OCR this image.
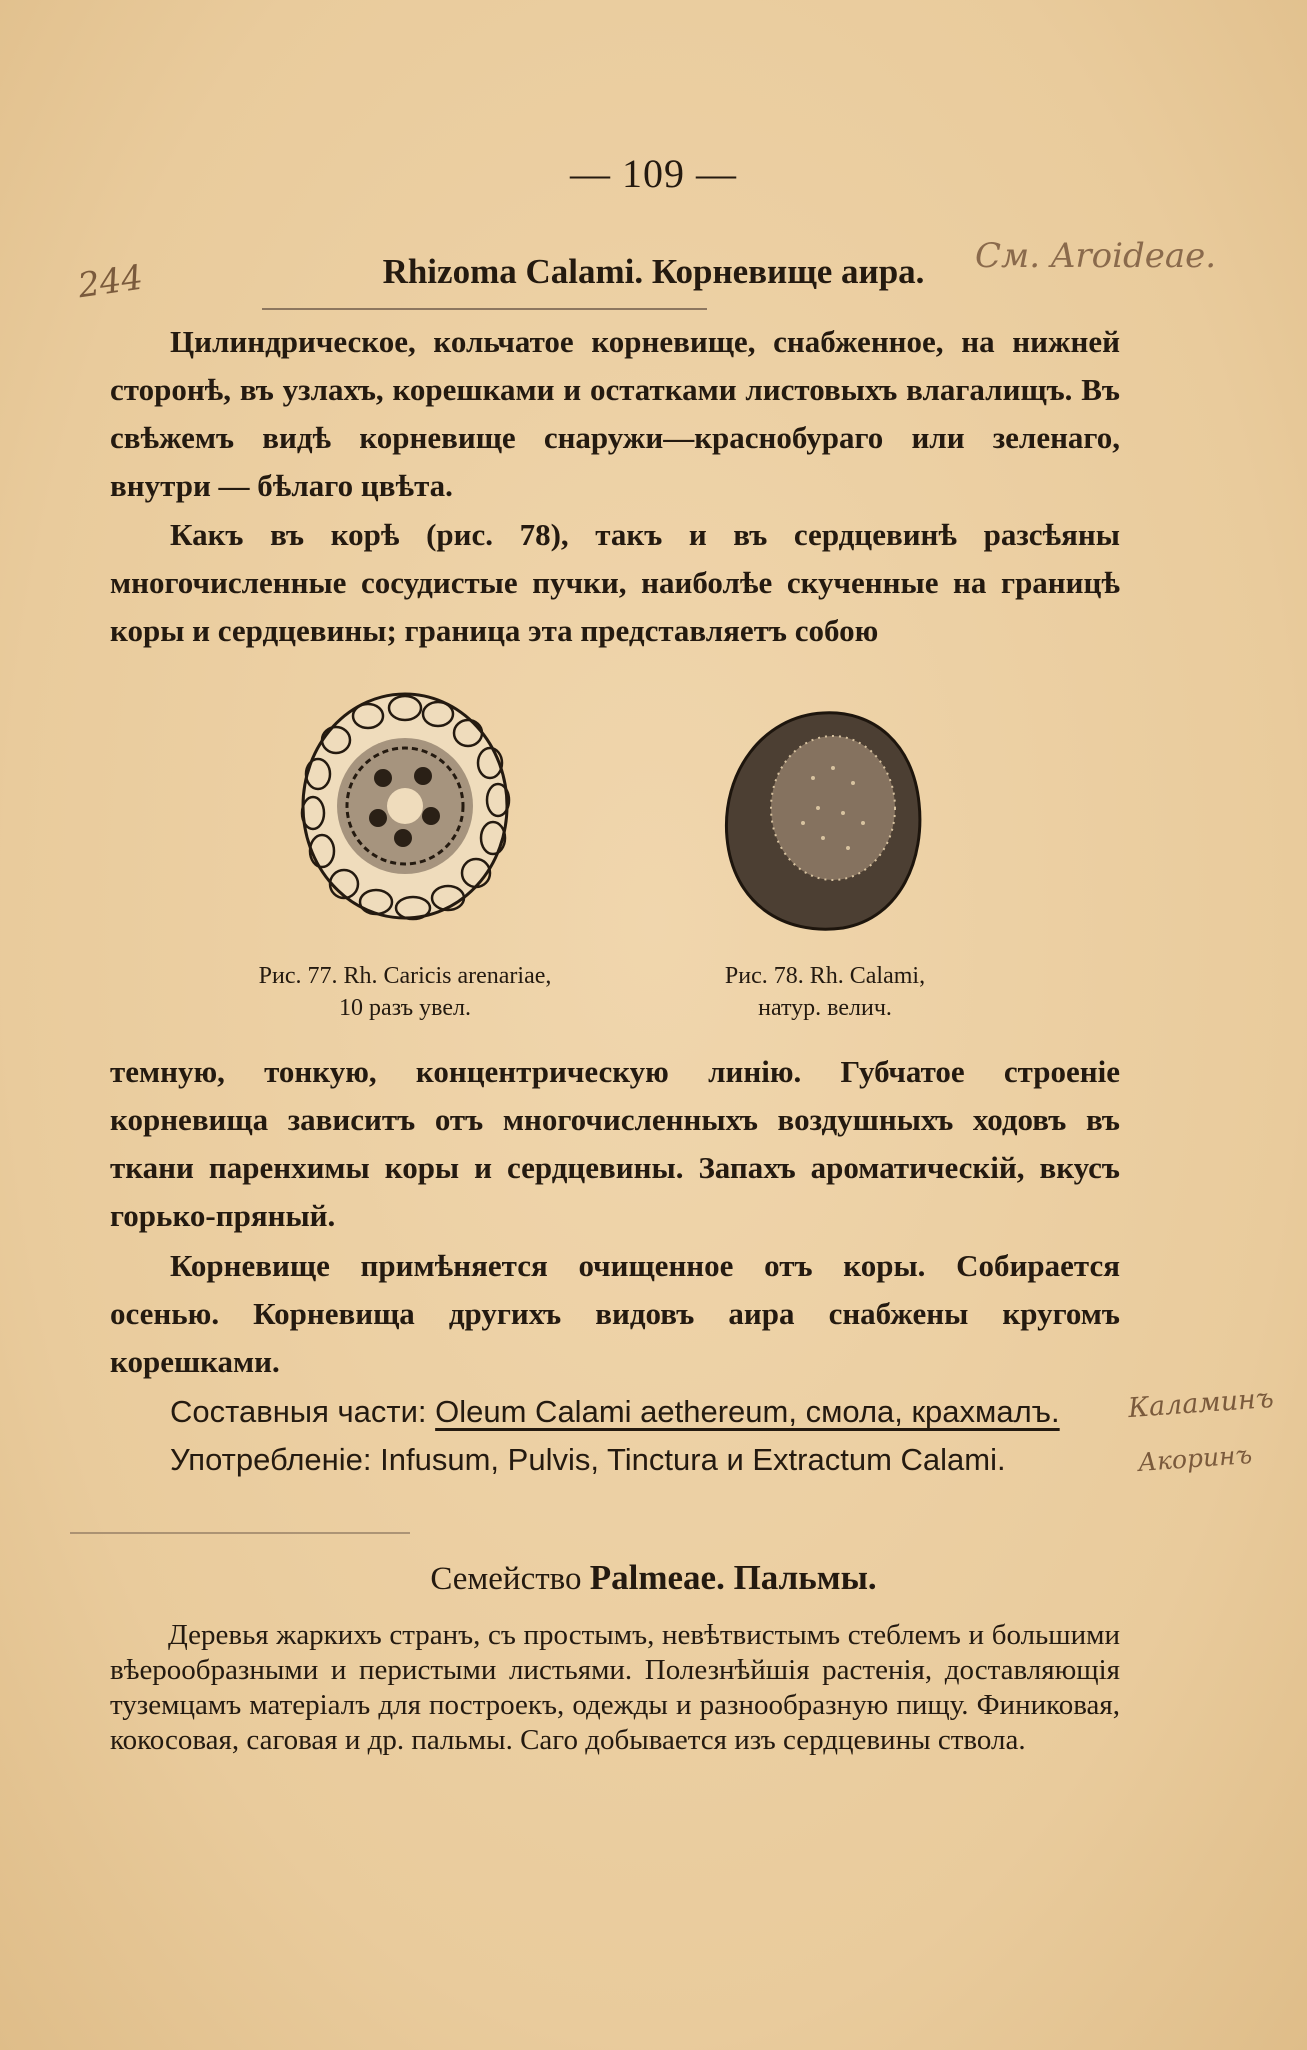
— 109 —
244	Rhizoma Calami. Корневище аира.	См. Aroideae.

Цилиндрическое, кольчатое корневище, снабженное, на нижней сторонѣ, въ узлахъ, корешками и остатками листовыхъ влагалищъ. Въ свѣжемъ видѣ корневище снаружи—краснобураго или зеленаго, внутри — бѣлаго цвѣта.

Какъ въ корѣ (рис. 78), такъ и въ сердцевинѣ разсѣяны многочисленные сосудистые пучки, наиболѣе скученные на границѣ коры и сердцевины; граница эта представляетъ собою

Рис. 77. Rh. Caricis arenariae,
10 разъ увел.
Рис. 78. Rh. Calami,
натур. велич.

темную, тонкую, концентрическую линію. Губчатое строеніе корневища зависитъ отъ многочисленныхъ воздушныхъ ходовъ въ ткани паренхимы коры и сердцевины. Запахъ ароматическій, вкусъ горько-пряный.

Корневище примѣняется очищенное отъ коры. Собирается осенью. Корневища другихъ видовъ аира снабжены кругомъ корешками.

Составныя части: Oleum Calami aethereum, смола, крахмалъ.	Каламинъ

Употребленіе: Infusum, Pulvis, Tinctura и Extractum Calami.	Акоринъ
Семейство Palmeae. Пальмы.

Деревья жаркихъ странъ, съ простымъ, невѣтвистымъ стеблемъ и большими вѣерообразными и перистыми листьями. Полезнѣйшія растенія, доставляющія туземцамъ матеріалъ для построекъ, одежды и разнообразную пищу. Финиковая, кокосовая, саговая и др. пальмы. Саго добывается изъ сердцевины ствола.
